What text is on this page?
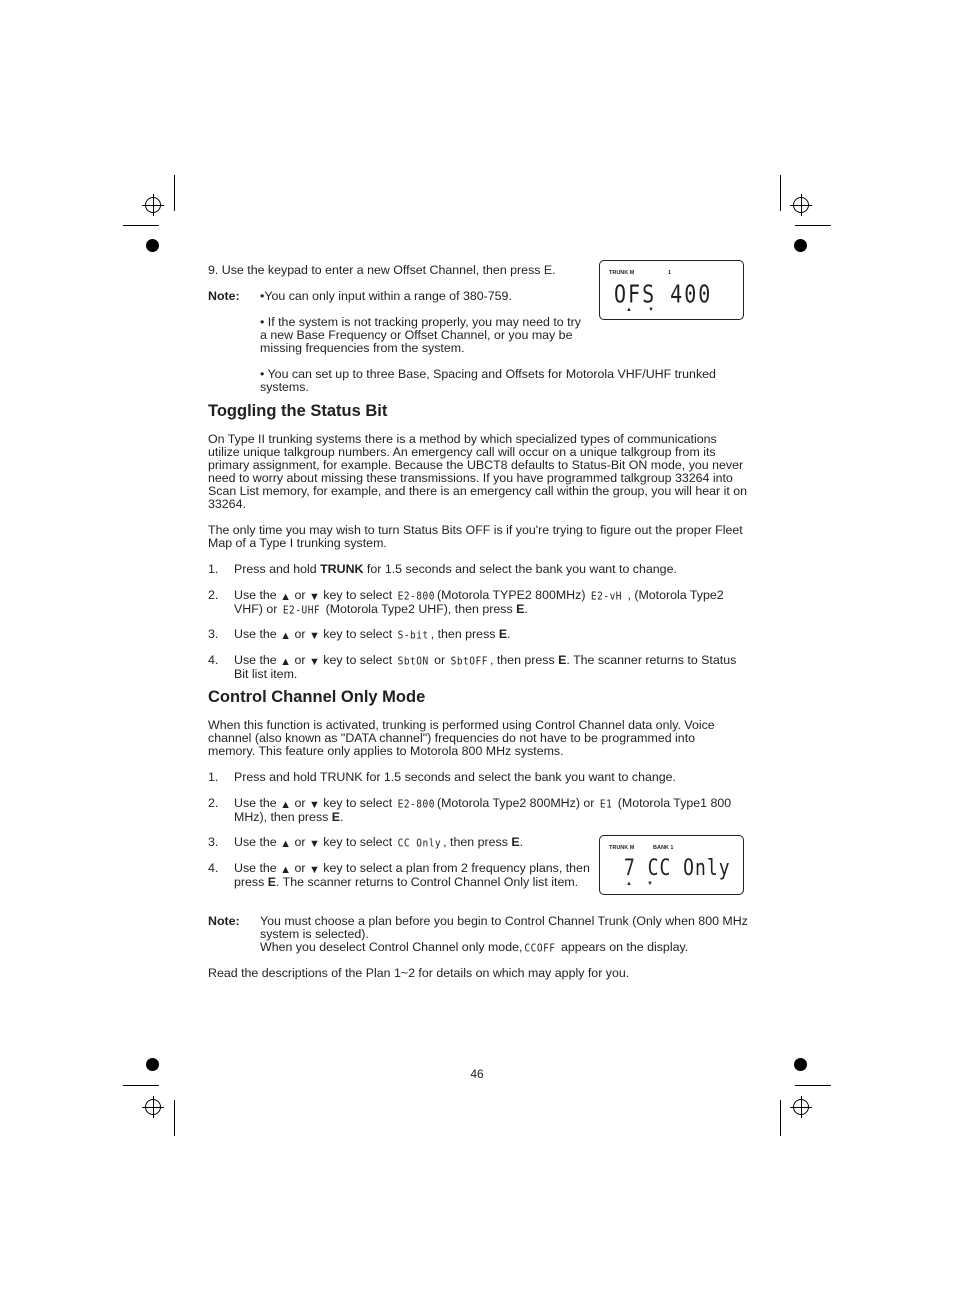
TRUNK M	1
OFS 400
▲	▼

9. Use the keypad to enter a new Offset Channel, then press E.

Note: •You can only input within a range of 380-759.

• If the system is not tracking properly, you may need to try a new Base Frequency or Offset Channel, or you may be missing frequencies from the system.

• You can set up to three Base, Spacing and Offsets for Motorola VHF/UHF trunked systems.

Toggling the Status Bit

On Type II trunking systems there is a method by which specialized types of communications utilize unique talkgroup numbers. An emergency call will occur on a unique talkgroup from its primary assignment, for example. Because the UBCT8 defaults to Status-Bit ON mode, you never need to worry about missing these transmissions. If you have programmed talkgroup 33264 into Scan List memory, for example, and there is an emergency call within the group, you will hear it on 33264.

The only time you may wish to turn Status Bits OFF is if you're trying to figure out the proper Fleet Map of a Type I trunking system.

1. Press and hold TRUNK for 1.5 seconds and select the bank you want to change.

2. Use the ▲ or ▼ key to select E2-800 (Motorola TYPE2 800MHz) E2-vH , (Motorola Type2 VHF) or E2-UHF (Motorola Type2 UHF), then press E.

3. Use the ▲ or ▼ key to select S-bit , then press E.

4. Use the ▲ or ▼ key to select SbtON or SbtOFF , then press E. The scanner returns to Status Bit list item.

Control Channel Only Mode

When this function is activated, trunking is performed using Control Channel data only. Voice channel (also known as "DATA channel") frequencies do not have to be programmed into memory. This feature only applies to Motorola 800 MHz systems.

1. Press and hold TRUNK for 1.5 seconds and select the bank you want to change.

2. Use the ▲ or ▼ key to select E2-800 (Motorola Type2 800MHz) or E1 (Motorola Type1 800 MHz), then press E.

TRUNK M	BANK 1
7 CC Only
▲	▼
3. Use the ▲ or ▼ key to select CC Only , then press E.

4. Use the ▲ or ▼ key to select a plan from 2 frequency plans, then press E. The scanner returns to Control Channel Only list item.

Note: You must choose a plan before you begin to Control Channel Trunk (Only when 800 MHz system is selected).

When you deselect Control Channel only mode, CCOFF appears on the display.

Read the descriptions of the Plan 1~2 for details on which may apply for you.

46
